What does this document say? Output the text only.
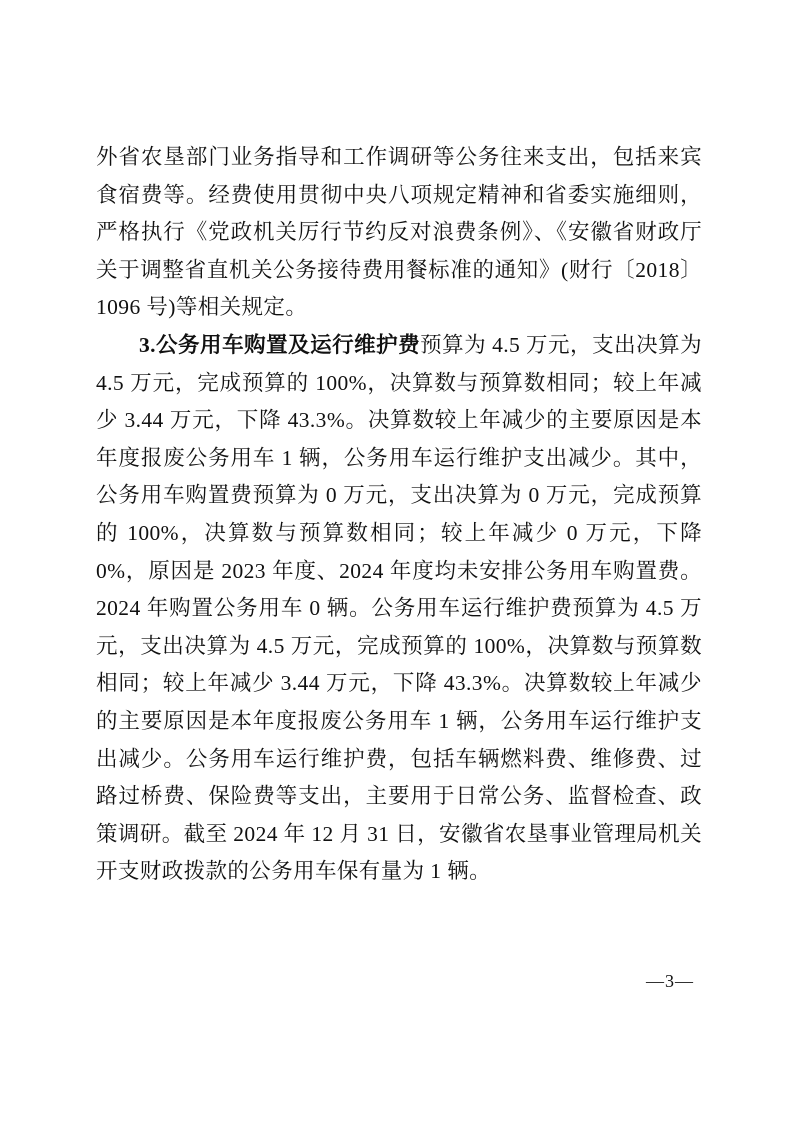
外省农垦部门业务指导和工作调研等公务往来支出，包括来宾食宿费等。经费使用贯彻中央八项规定精神和省委实施细则，严格执行《党政机关厉行节约反对浪费条例》、《安徽省财政厅关于调整省直机关公务接待费用餐标准的通知》(财行〔2018〕1096 号)等相关规定。

3.公务用车购置及运行维护费预算为 4.5 万元，支出决算为 4.5 万元，完成预算的 100%，决算数与预算数相同；较上年减少 3.44 万元，下降 43.3%。决算数较上年减少的主要原因是本年度报废公务用车 1 辆，公务用车运行维护支出减少。其中，公务用车购置费预算为 0 万元，支出决算为 0 万元，完成预算的 100%，决算数与预算数相同；较上年减少 0 万元，下降 0%，原因是 2023 年度、2024 年度均未安排公务用车购置费。2024 年购置公务用车 0 辆。公务用车运行维护费预算为 4.5 万元，支出决算为 4.5 万元，完成预算的 100%，决算数与预算数相同；较上年减少 3.44 万元，下降 43.3%。决算数较上年减少的主要原因是本年度报废公务用车 1 辆，公务用车运行维护支出减少。公务用车运行维护费，包括车辆燃料费、维修费、过路过桥费、保险费等支出，主要用于日常公务、监督检查、政策调研。截至 2024 年 12 月 31 日，安徽省农垦事业管理局机关开支财政拨款的公务用车保有量为 1 辆。

—3—
